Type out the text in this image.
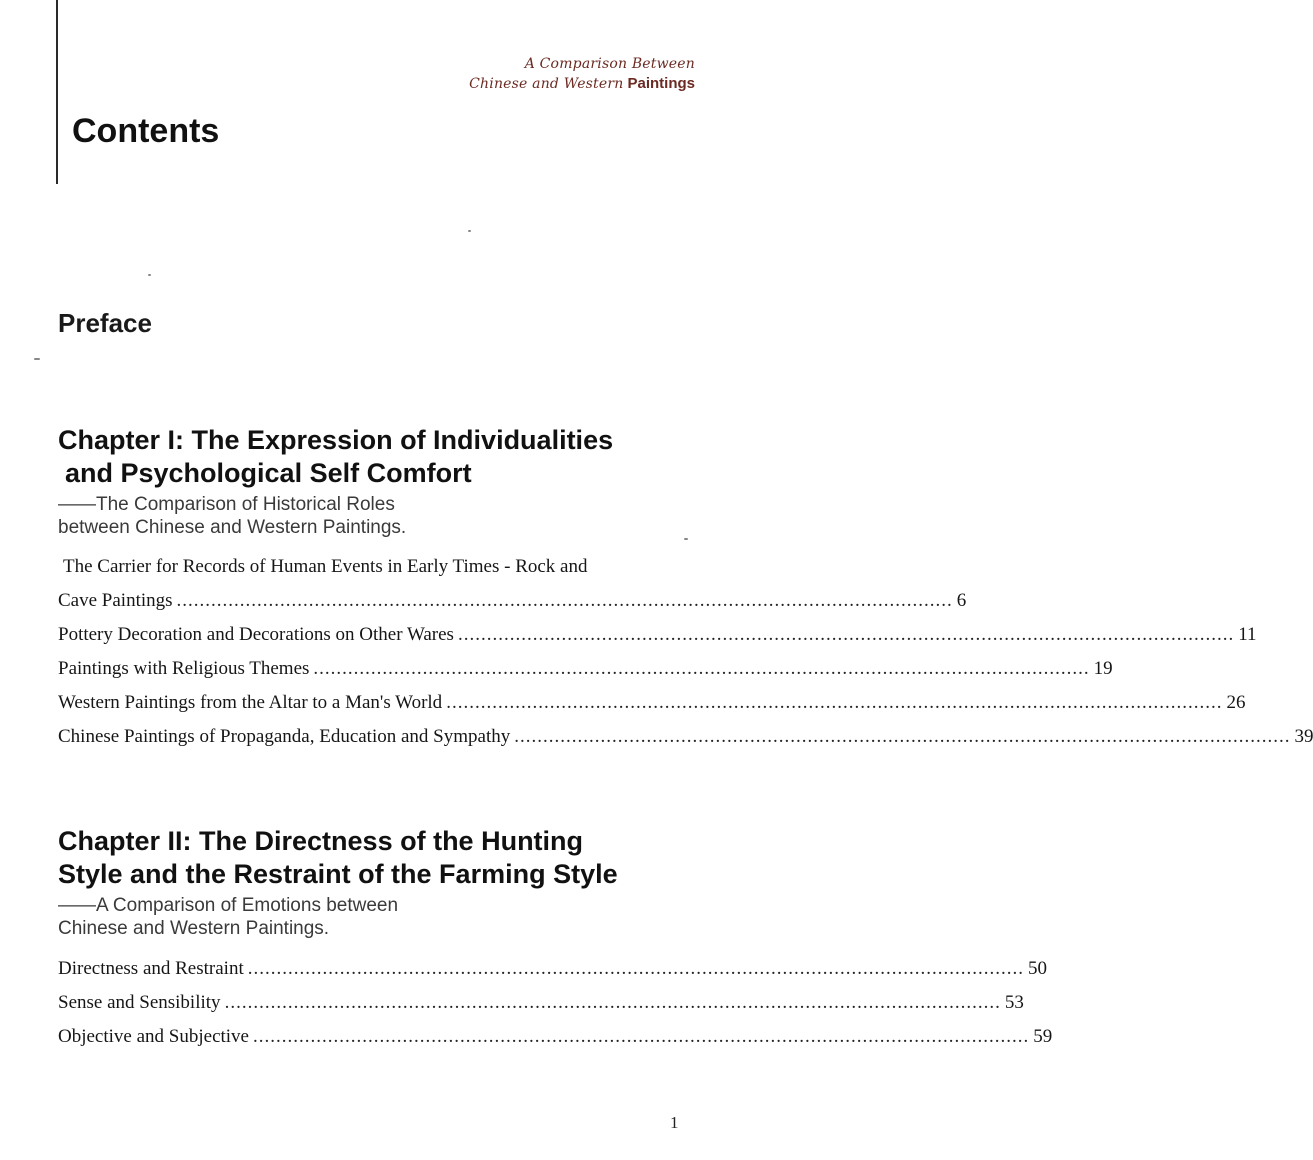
A Comparison Between
Chinese and Western Paintings
Contents
Preface
Chapter I: The Expression of Individualities
and Psychological Self Comfort

——The Comparison of Historical Roles
between Chinese and Western Paintings.

The Carrier for Records of Human Events in Early Times - Rock and
Cave Paintings ....................................................................................................................................... 6
Pottery Decoration and Decorations on Other Wares ....................................................................................................................................... 11
Paintings with Religious Themes ....................................................................................................................................... 19
Western Paintings from the Altar to a Man's World ....................................................................................................................................... 26
Chinese Paintings of Propaganda, Education and Sympathy ....................................................................................................................................... 39
Chapter II: The Directness of the Hunting
Style and the Restraint of the Farming Style

——A Comparison of Emotions between
Chinese and Western Paintings.

Directness and Restraint ....................................................................................................................................... 50
Sense and Sensibility ....................................................................................................................................... 53
Objective and Subjective ....................................................................................................................................... 59
1
